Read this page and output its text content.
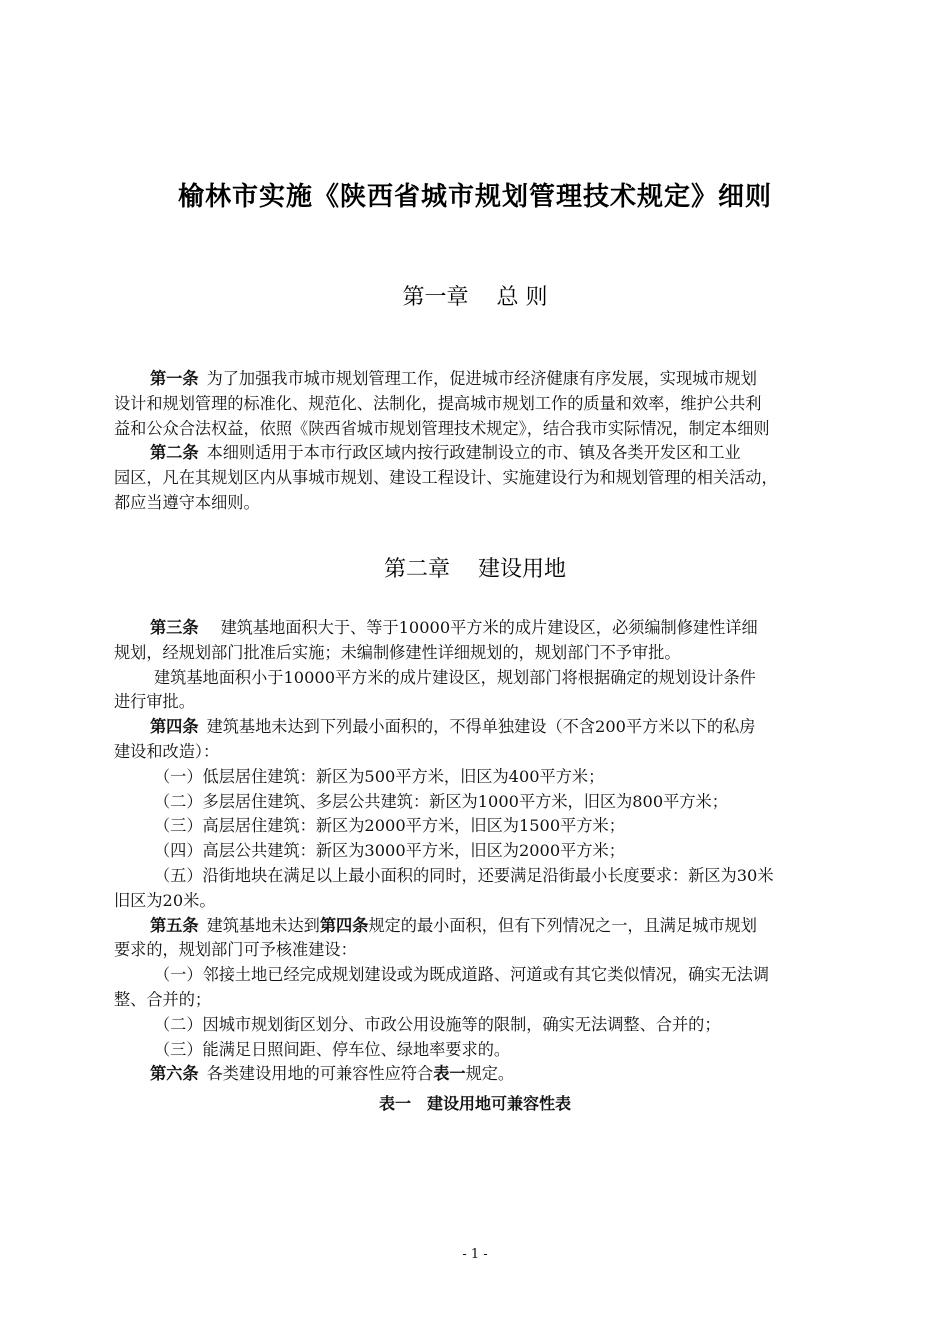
榆林市实施《陕西省城市规划管理技术规定》细则
第一章 总 则
第一条 为了加强我市城市规划管理工作，促进城市经济健康有序发展，实现城市规划
设计和规划管理的标准化、规范化、法制化，提高城市规划工作的质量和效率，维护公共利
益和公众合法权益，依照《陕西省城市规划管理技术规定》，结合我市实际情况，制定本细则
第二条 本细则适用于本市行政区域内按行政建制设立的市、镇及各类开发区和工业
园区，凡在其规划区内从事城市规划、建设工程设计、实施建设行为和规划管理的相关活动，
都应当遵守本细则。
第二章 建设用地
第三条 建筑基地面积大于、等于10000平方米的成片建设区，必须编制修建性详细
规划，经规划部门批准后实施；未编制修建性详细规划的，规划部门不予审批。
建筑基地面积小于10000平方米的成片建设区，规划部门将根据确定的规划设计条件
进行审批。
第四条 建筑基地未达到下列最小面积的，不得单独建设（不含200平方米以下的私房
建设和改造）：
（一）低层居住建筑：新区为500平方米，旧区为400平方米；
（二）多层居住建筑、多层公共建筑：新区为1000平方米，旧区为800平方米；
（三）高层居住建筑：新区为2000平方米，旧区为1500平方米；
（四）高层公共建筑：新区为3000平方米，旧区为2000平方米；
（五）沿街地块在满足以上最小面积的同时，还要满足沿街最小长度要求：新区为30米
旧区为20米。
第五条 建筑基地未达到第四条规定的最小面积，但有下列情况之一，且满足城市规划
要求的，规划部门可予核准建设：
（一）邻接土地已经完成规划建设或为既成道路、河道或有其它类似情况，确实无法调
整、合并的；
（二）因城市规划街区划分、市政公用设施等的限制，确实无法调整、合并的；
（三）能满足日照间距、停车位、绿地率要求的。
第六条 各类建设用地的可兼容性应符合表一规定。
表一 建设用地可兼容性表
- 1 -
